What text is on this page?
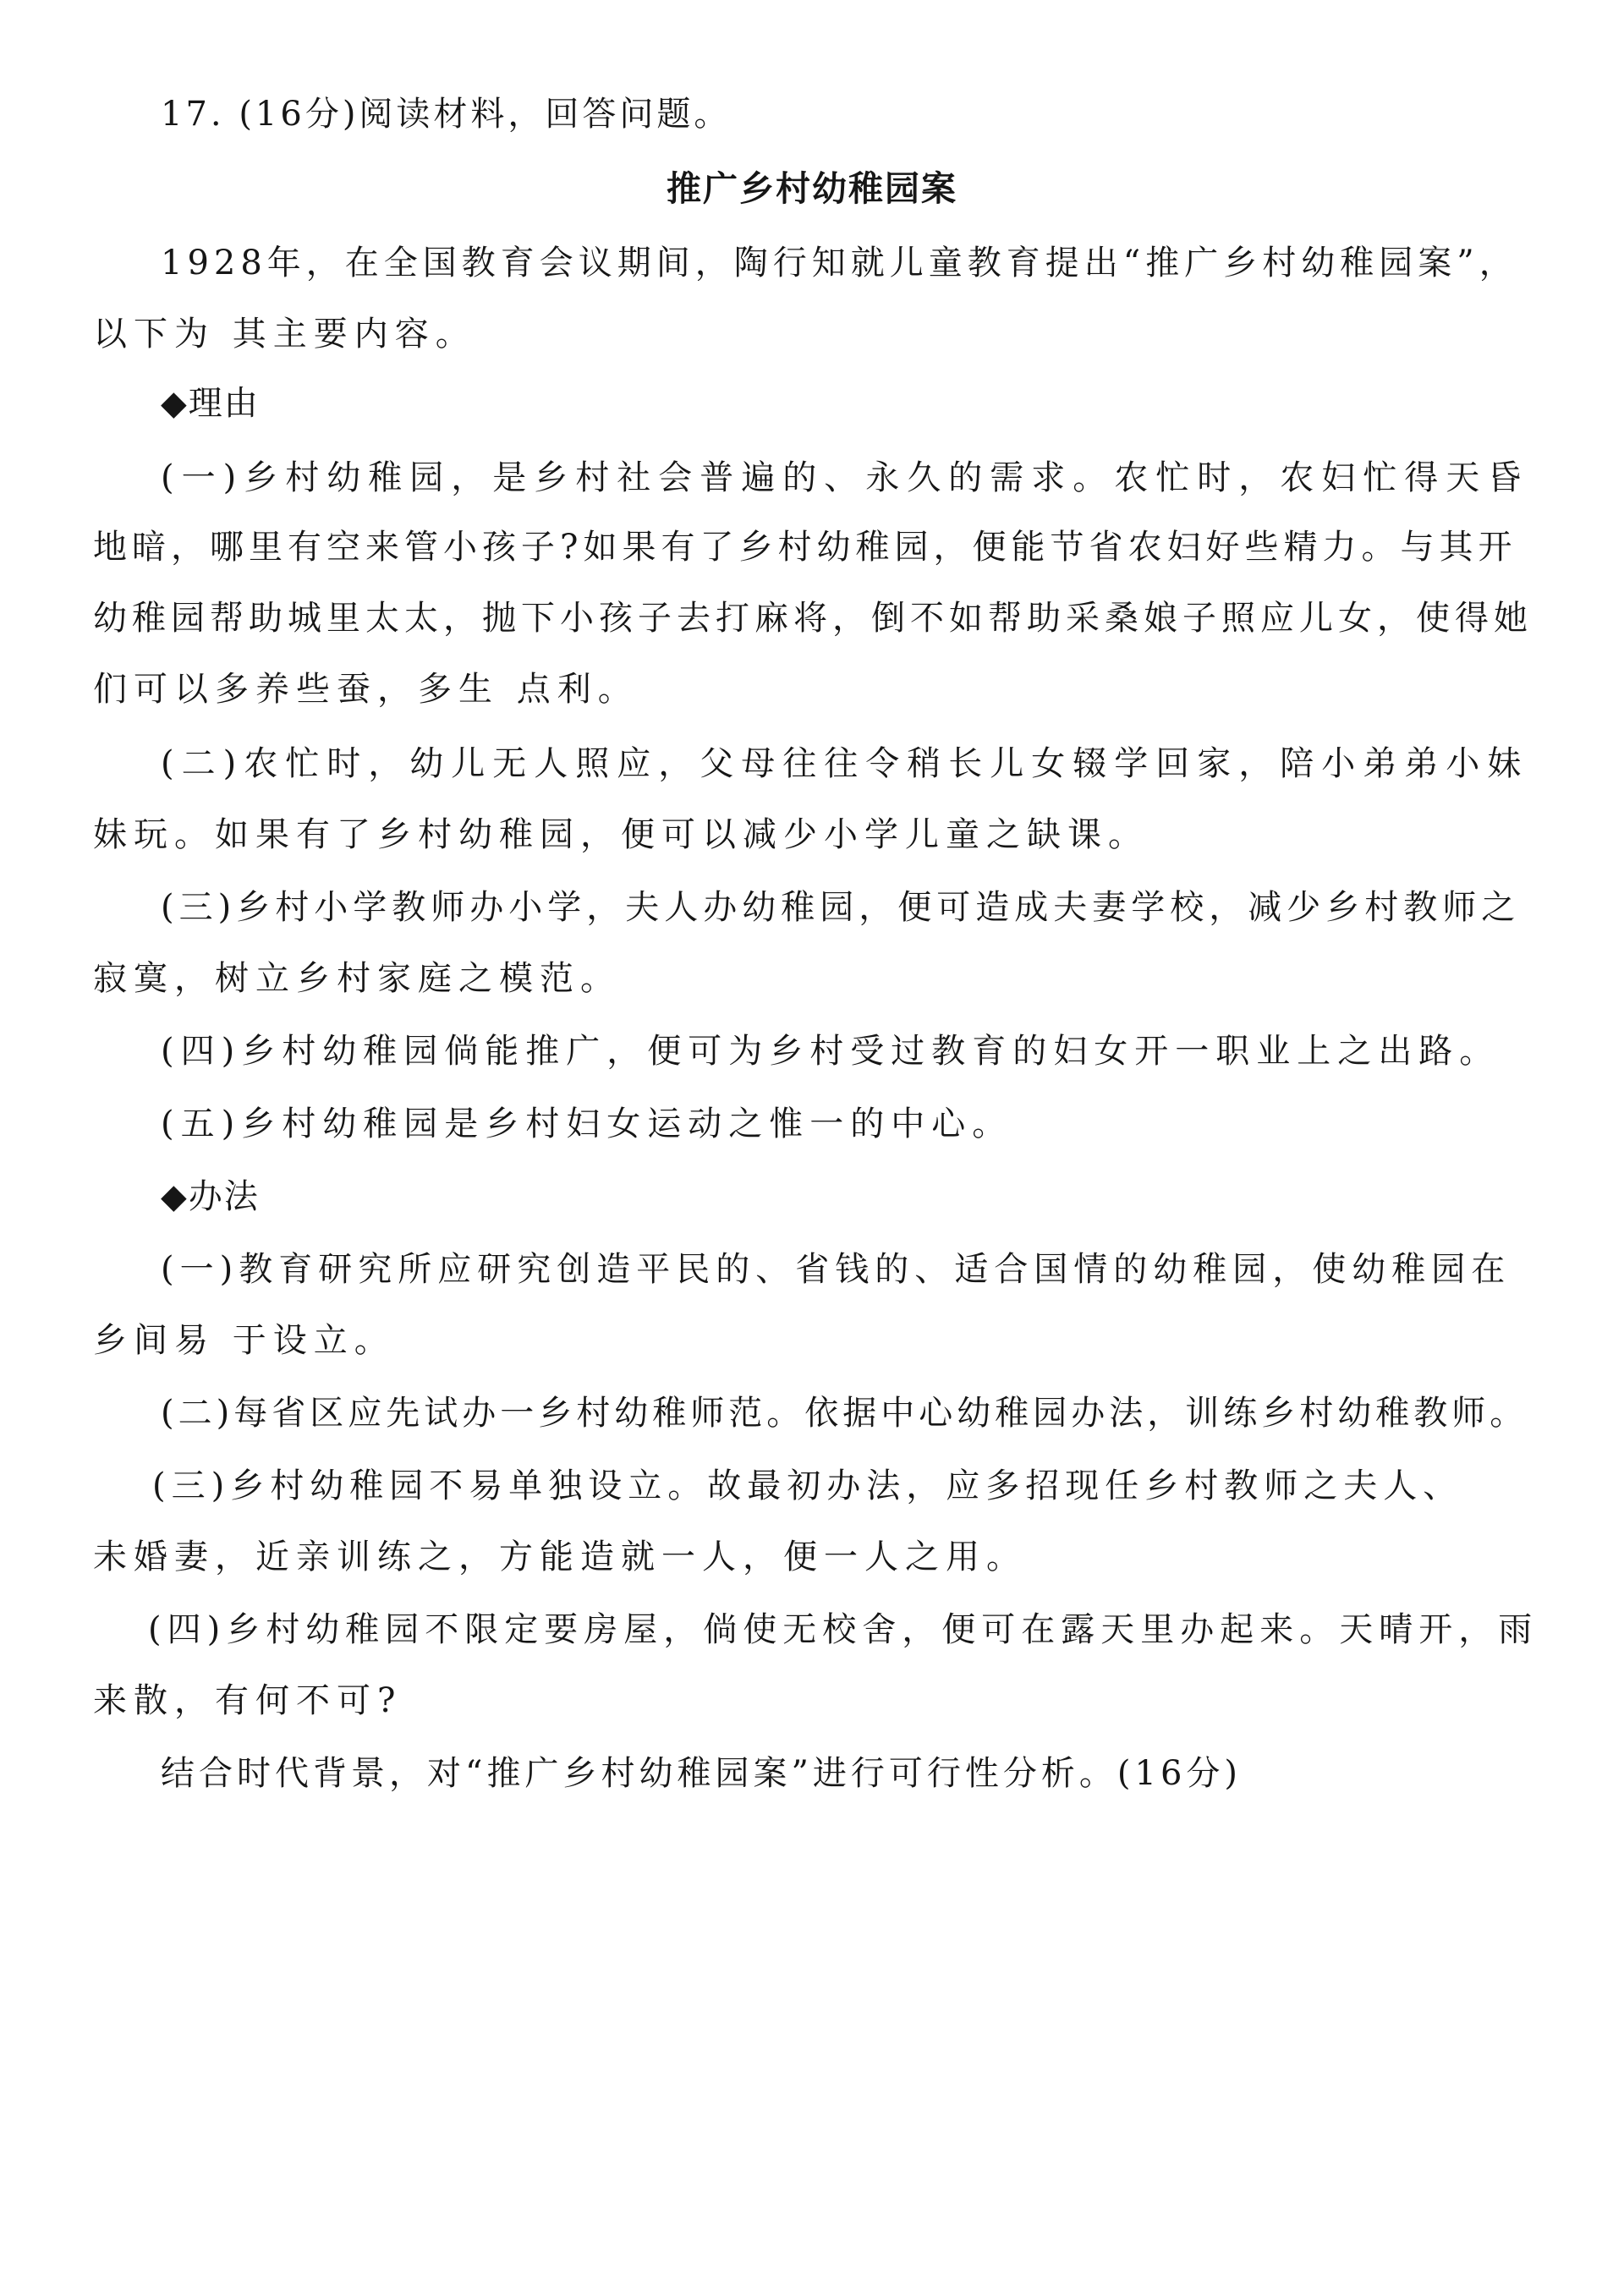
17. (16分)阅读材料，回答问题。
推广乡村幼稚园案
1928年，在全国教育会议期间，陶行知就儿童教育提出“推广乡村幼稚园案”，
以下为 其主要内容。
◆理由
(一)乡村幼稚园，是乡村社会普遍的、永久的需求。农忙时，农妇忙得天昏
地暗，哪里有空来管小孩子?如果有了乡村幼稚园，便能节省农妇好些精力。与其开
幼稚园帮助城里太太，抛下小孩子去打麻将，倒不如帮助采桑娘子照应儿女，使得她
们可以多养些蚕，多生 点利。
(二)农忙时，幼儿无人照应，父母往往令稍长儿女辍学回家，陪小弟弟小妹
妹玩。如果有了乡村幼稚园，便可以减少小学儿童之缺课。
(三)乡村小学教师办小学，夫人办幼稚园，便可造成夫妻学校，减少乡村教师之
寂寞，树立乡村家庭之模范。
(四)乡村幼稚园倘能推广，便可为乡村受过教育的妇女开一职业上之出路。
(五)乡村幼稚园是乡村妇女运动之惟一的中心。
◆办法
(一)教育研究所应研究创造平民的、省钱的、适合国情的幼稚园，使幼稚园在
乡间易 于设立。
(二)每省区应先试办一乡村幼稚师范。依据中心幼稚园办法，训练乡村幼稚教师。
(三)乡村幼稚园不易单独设立。故最初办法，应多招现任乡村教师之夫人、
未婚妻，近亲训练之，方能造就一人，便一人之用。
(四)乡村幼稚园不限定要房屋，倘使无校舍，便可在露天里办起来。天晴开，雨
来散，有何不可?
结合时代背景，对“推广乡村幼稚园案”进行可行性分析。(16分)
